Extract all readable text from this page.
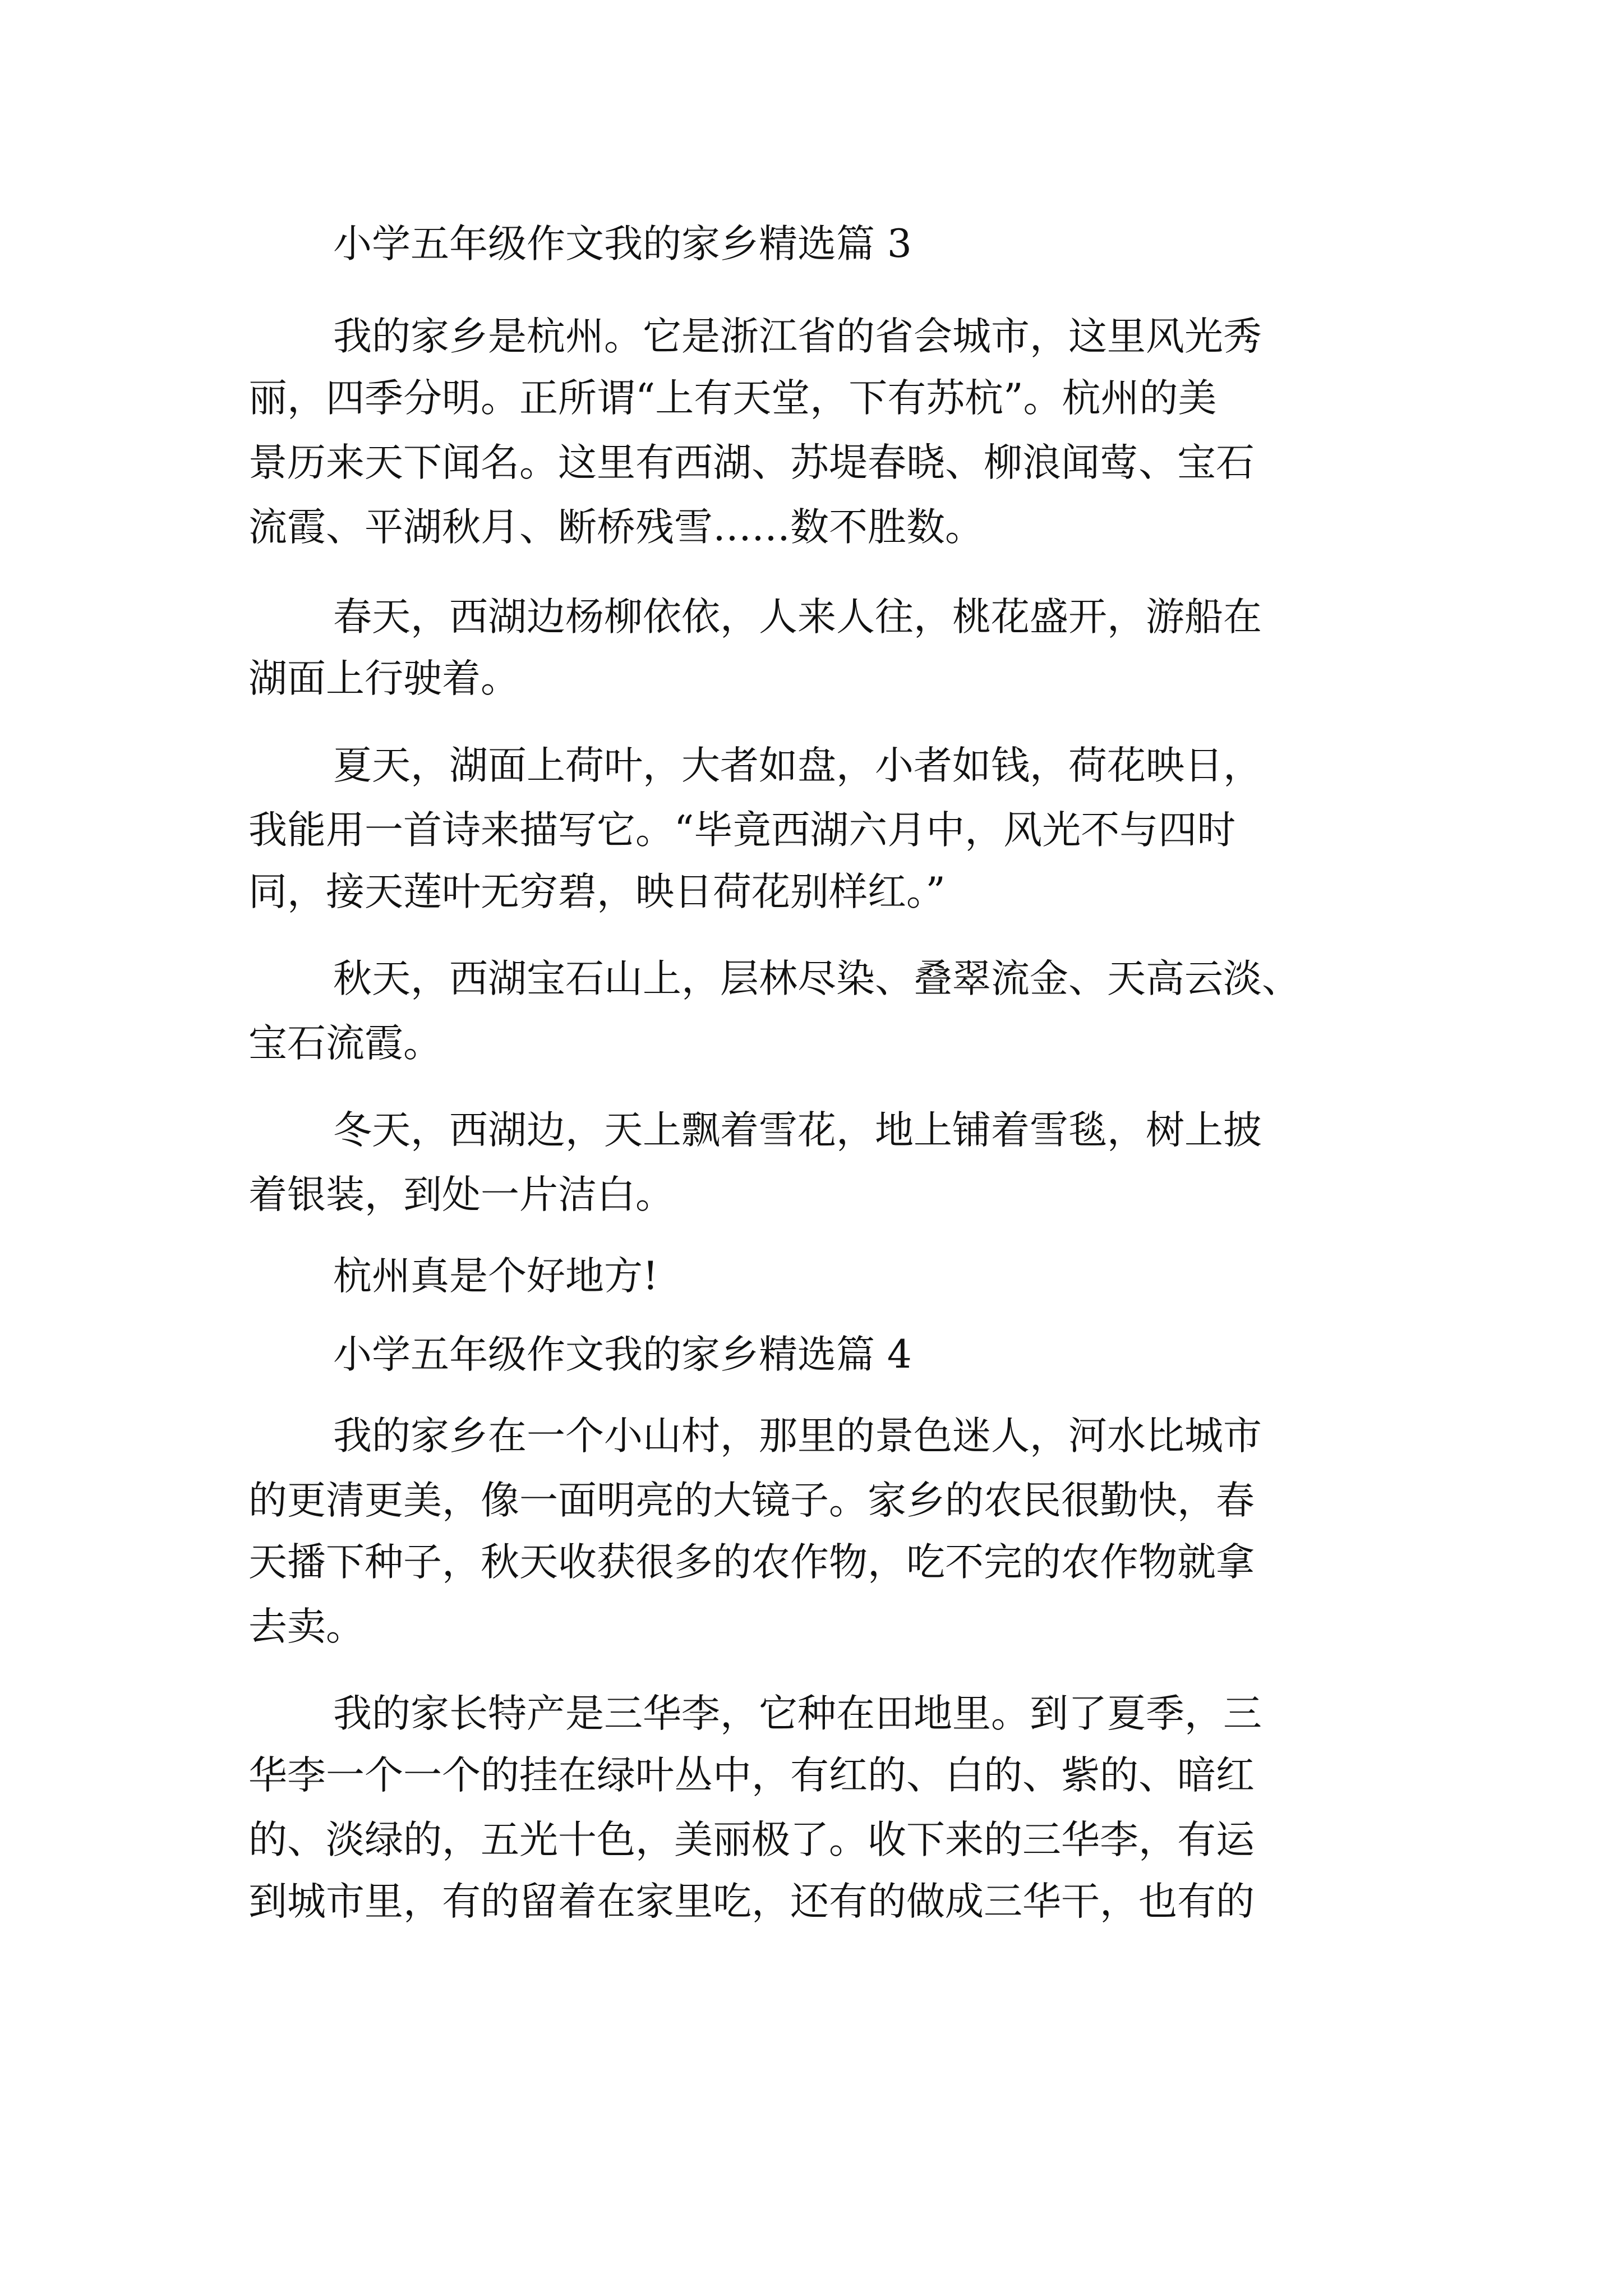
小学五年级作文我的家乡精选篇 3
我的家乡是杭州。它是浙江省的省会城市，这里风光秀
丽，四季分明。正所谓“上有天堂，下有苏杭”。杭州的美
景历来天下闻名。这里有西湖、苏堤春晓、柳浪闻莺、宝石
流霞、平湖秋月、断桥残雪……数不胜数。
春天，西湖边杨柳依依，人来人往，桃花盛开，游船在
湖面上行驶着。
夏天，湖面上荷叶，大者如盘，小者如钱，荷花映日，
我能用一首诗来描写它。“毕竟西湖六月中，风光不与四时
同，接天莲叶无穷碧，映日荷花别样红。”
秋天，西湖宝石山上，层林尽染、叠翠流金、天高云淡、
宝石流霞。
冬天，西湖边，天上飘着雪花，地上铺着雪毯，树上披
着银装，到处一片洁白。
杭州真是个好地方!
小学五年级作文我的家乡精选篇 4
我的家乡在一个小山村，那里的景色迷人，河水比城市
的更清更美，像一面明亮的大镜子。家乡的农民很勤快，春
天播下种子，秋天收获很多的农作物，吃不完的农作物就拿
去卖。
我的家长特产是三华李，它种在田地里。到了夏季，三
华李一个一个的挂在绿叶丛中，有红的、白的、紫的、暗红
的、淡绿的，五光十色，美丽极了。收下来的三华李，有运
到城市里，有的留着在家里吃，还有的做成三华干，也有的
